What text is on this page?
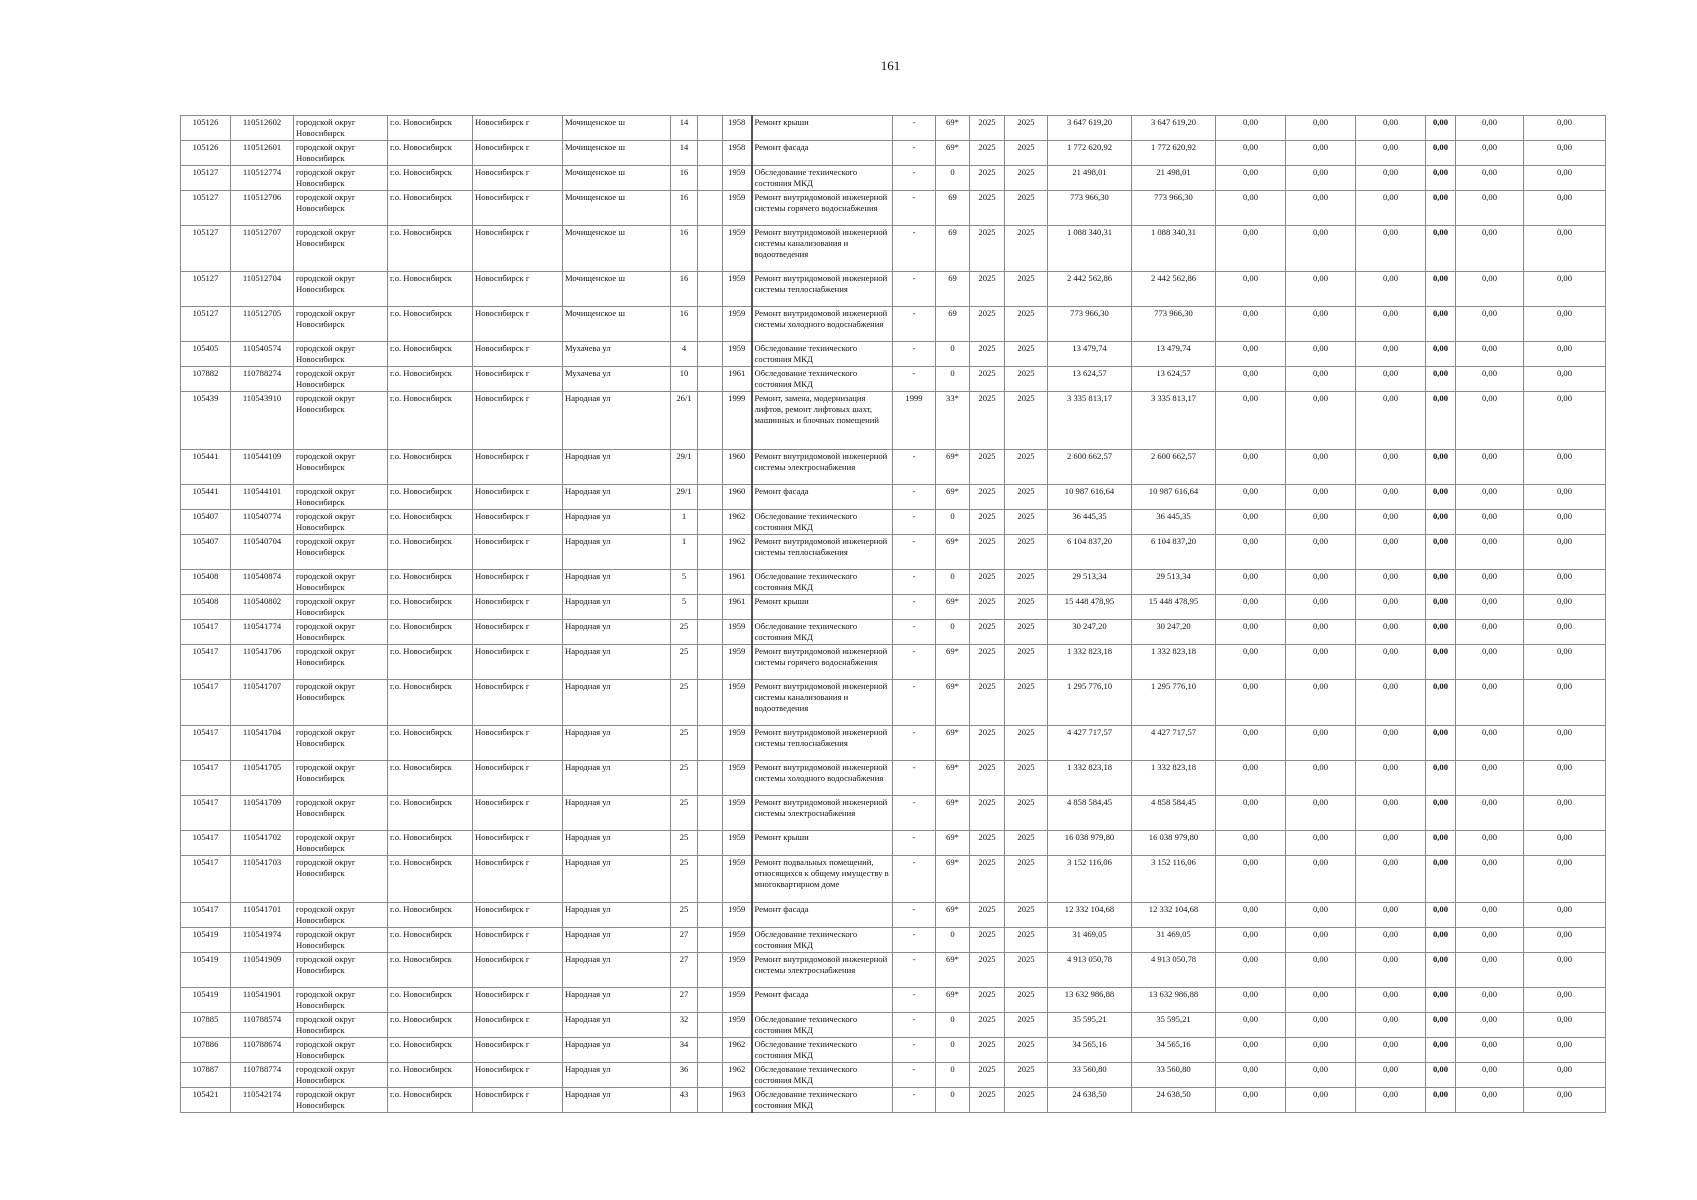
161
105126	110512602	городской округ Новосибирск	г.о. Новосибирск	Новосибирск г	Мочищенское ш	14		1958	Ремонт крыши	-	69*	2025	2025	3 647 619,20	3 647 619,20	0,00	0,00	0,00	0,00	0,00	0,00
105126	110512601	городской округ Новосибирск	г.о. Новосибирск	Новосибирск г	Мочищенское ш	14		1958	Ремонт фасада	-	69*	2025	2025	1 772 620,92	1 772 620,92	0,00	0,00	0,00	0,00	0,00	0,00
105127	110512774	городской округ Новосибирск	г.о. Новосибирск	Новосибирск г	Мочищенское ш	16		1959	Обследование технического состояния МКД	-	0	2025	2025	21 498,01	21 498,01	0,00	0,00	0,00	0,00	0,00	0,00
105127	110512706	городской округ Новосибирск	г.о. Новосибирск	Новосибирск г	Мочищенское ш	16		1959	Ремонт внутридомовой инженерной системы горячего водоснабжения	-	69	2025	2025	773 966,30	773 966,30	0,00	0,00	0,00	0,00	0,00	0,00
105127	110512707	городской округ Новосибирск	г.о. Новосибирск	Новосибирск г	Мочищенское ш	16		1959	Ремонт внутридомовой инженерной системы канализования и водоотведения	-	69	2025	2025	1 088 340,31	1 088 340,31	0,00	0,00	0,00	0,00	0,00	0,00
105127	110512704	городской округ Новосибирск	г.о. Новосибирск	Новосибирск г	Мочищенское ш	16		1959	Ремонт внутридомовой инженерной системы теплоснабжения	-	69	2025	2025	2 442 562,86	2 442 562,86	0,00	0,00	0,00	0,00	0,00	0,00
105127	110512705	городской округ Новосибирск	г.о. Новосибирск	Новосибирск г	Мочищенское ш	16		1959	Ремонт внутридомовой инженерной системы холодного водоснабжения	-	69	2025	2025	773 966,30	773 966,30	0,00	0,00	0,00	0,00	0,00	0,00
105405	110540574	городской округ Новосибирск	г.о. Новосибирск	Новосибирск г	Мухачева ул	4		1959	Обследование технического состояния МКД	-	0	2025	2025	13 479,74	13 479,74	0,00	0,00	0,00	0,00	0,00	0,00
107882	110788274	городской округ Новосибирск	г.о. Новосибирск	Новосибирск г	Мухачева ул	10		1961	Обследование технического состояния МКД	-	0	2025	2025	13 624,57	13 624,57	0,00	0,00	0,00	0,00	0,00	0,00
105439	110543910	городской округ Новосибирск	г.о. Новосибирск	Новосибирск г	Народная ул	26/1		1999	Ремонт, замена, модернизация лифтов, ремонт лифтовых шахт, машинных и блочных помещений	1999	33*	2025	2025	3 335 813,17	3 335 813,17	0,00	0,00	0,00	0,00	0,00	0,00
105441	110544109	городской округ Новосибирск	г.о. Новосибирск	Новосибирск г	Народная ул	29/1		1960	Ремонт внутридомовой инженерной системы электроснабжения	-	69*	2025	2025	2 600 662,57	2 600 662,57	0,00	0,00	0,00	0,00	0,00	0,00
105441	110544101	городской округ Новосибирск	г.о. Новосибирск	Новосибирск г	Народная ул	29/1		1960	Ремонт фасада	-	69*	2025	2025	10 987 616,64	10 987 616,64	0,00	0,00	0,00	0,00	0,00	0,00
105407	110540774	городской округ Новосибирск	г.о. Новосибирск	Новосибирск г	Народная ул	1		1962	Обследование технического состояния МКД	-	0	2025	2025	36 445,35	36 445,35	0,00	0,00	0,00	0,00	0,00	0,00
105407	110540704	городской округ Новосибирск	г.о. Новосибирск	Новосибирск г	Народная ул	1		1962	Ремонт внутридомовой инженерной системы теплоснабжения	-	69*	2025	2025	6 104 837,20	6 104 837,20	0,00	0,00	0,00	0,00	0,00	0,00
105408	110540874	городской округ Новосибирск	г.о. Новосибирск	Новосибирск г	Народная ул	5		1961	Обследование технического состояния МКД	-	0	2025	2025	29 513,34	29 513,34	0,00	0,00	0,00	0,00	0,00	0,00
105408	110540802	городской округ Новосибирск	г.о. Новосибирск	Новосибирск г	Народная ул	5		1961	Ремонт крыши	-	69*	2025	2025	15 448 478,95	15 448 478,95	0,00	0,00	0,00	0,00	0,00	0,00
105417	110541774	городской округ Новосибирск	г.о. Новосибирск	Новосибирск г	Народная ул	25		1959	Обследование технического состояния МКД	-	0	2025	2025	30 247,20	30 247,20	0,00	0,00	0,00	0,00	0,00	0,00
105417	110541706	городской округ Новосибирск	г.о. Новосибирск	Новосибирск г	Народная ул	25		1959	Ремонт внутридомовой инженерной системы горячего водоснабжения	-	69*	2025	2025	1 332 823,18	1 332 823,18	0,00	0,00	0,00	0,00	0,00	0,00
105417	110541707	городской округ Новосибирск	г.о. Новосибирск	Новосибирск г	Народная ул	25		1959	Ремонт внутридомовой инженерной системы канализования и водоотведения	-	69*	2025	2025	1 295 776,10	1 295 776,10	0,00	0,00	0,00	0,00	0,00	0,00
105417	110541704	городской округ Новосибирск	г.о. Новосибирск	Новосибирск г	Народная ул	25		1959	Ремонт внутридомовой инженерной системы теплоснабжения	-	69*	2025	2025	4 427 717,57	4 427 717,57	0,00	0,00	0,00	0,00	0,00	0,00
105417	110541705	городской округ Новосибирск	г.о. Новосибирск	Новосибирск г	Народная ул	25		1959	Ремонт внутридомовой инженерной системы холодного водоснабжения	-	69*	2025	2025	1 332 823,18	1 332 823,18	0,00	0,00	0,00	0,00	0,00	0,00
105417	110541709	городской округ Новосибирск	г.о. Новосибирск	Новосибирск г	Народная ул	25		1959	Ремонт внутридомовой инженерной системы электроснабжения	-	69*	2025	2025	4 858 584,45	4 858 584,45	0,00	0,00	0,00	0,00	0,00	0,00
105417	110541702	городской округ Новосибирск	г.о. Новосибирск	Новосибирск г	Народная ул	25		1959	Ремонт крыши	-	69*	2025	2025	16 038 979,80	16 038 979,80	0,00	0,00	0,00	0,00	0,00	0,00
105417	110541703	городской округ Новосибирск	г.о. Новосибирск	Новосибирск г	Народная ул	25		1959	Ремонт подвальных помещений, относящихся к общему имуществу в многоквартирном доме	-	69*	2025	2025	3 152 116,06	3 152 116,06	0,00	0,00	0,00	0,00	0,00	0,00
105417	110541701	городской округ Новосибирск	г.о. Новосибирск	Новосибирск г	Народная ул	25		1959	Ремонт фасада	-	69*	2025	2025	12 332 104,68	12 332 104,68	0,00	0,00	0,00	0,00	0,00	0,00
105419	110541974	городской округ Новосибирск	г.о. Новосибирск	Новосибирск г	Народная ул	27		1959	Обследование технического состояния МКД	-	0	2025	2025	31 469,05	31 469,05	0,00	0,00	0,00	0,00	0,00	0,00
105419	110541909	городской округ Новосибирск	г.о. Новосибирск	Новосибирск г	Народная ул	27		1959	Ремонт внутридомовой инженерной системы электроснабжения	-	69*	2025	2025	4 913 050,78	4 913 050,78	0,00	0,00	0,00	0,00	0,00	0,00
105419	110541901	городской округ Новосибирск	г.о. Новосибирск	Новосибирск г	Народная ул	27		1959	Ремонт фасада	-	69*	2025	2025	13 632 986,88	13 632 986,88	0,00	0,00	0,00	0,00	0,00	0,00
107885	110788574	городской округ Новосибирск	г.о. Новосибирск	Новосибирск г	Народная ул	32		1959	Обследование технического состояния МКД	-	0	2025	2025	35 595,21	35 595,21	0,00	0,00	0,00	0,00	0,00	0,00
107886	110788674	городской округ Новосибирск	г.о. Новосибирск	Новосибирск г	Народная ул	34		1962	Обследование технического состояния МКД	-	0	2025	2025	34 565,16	34 565,16	0,00	0,00	0,00	0,00	0,00	0,00
107887	110788774	городской округ Новосибирск	г.о. Новосибирск	Новосибирск г	Народная ул	36		1962	Обследование технического состояния МКД	-	0	2025	2025	33 560,80	33 560,80	0,00	0,00	0,00	0,00	0,00	0,00
105421	110542174	городской округ Новосибирск	г.о. Новосибирск	Новосибирск г	Народная ул	43		1963	Обследование технического состояния МКД	-	0	2025	2025	24 638,50	24 638,50	0,00	0,00	0,00	0,00	0,00	0,00
